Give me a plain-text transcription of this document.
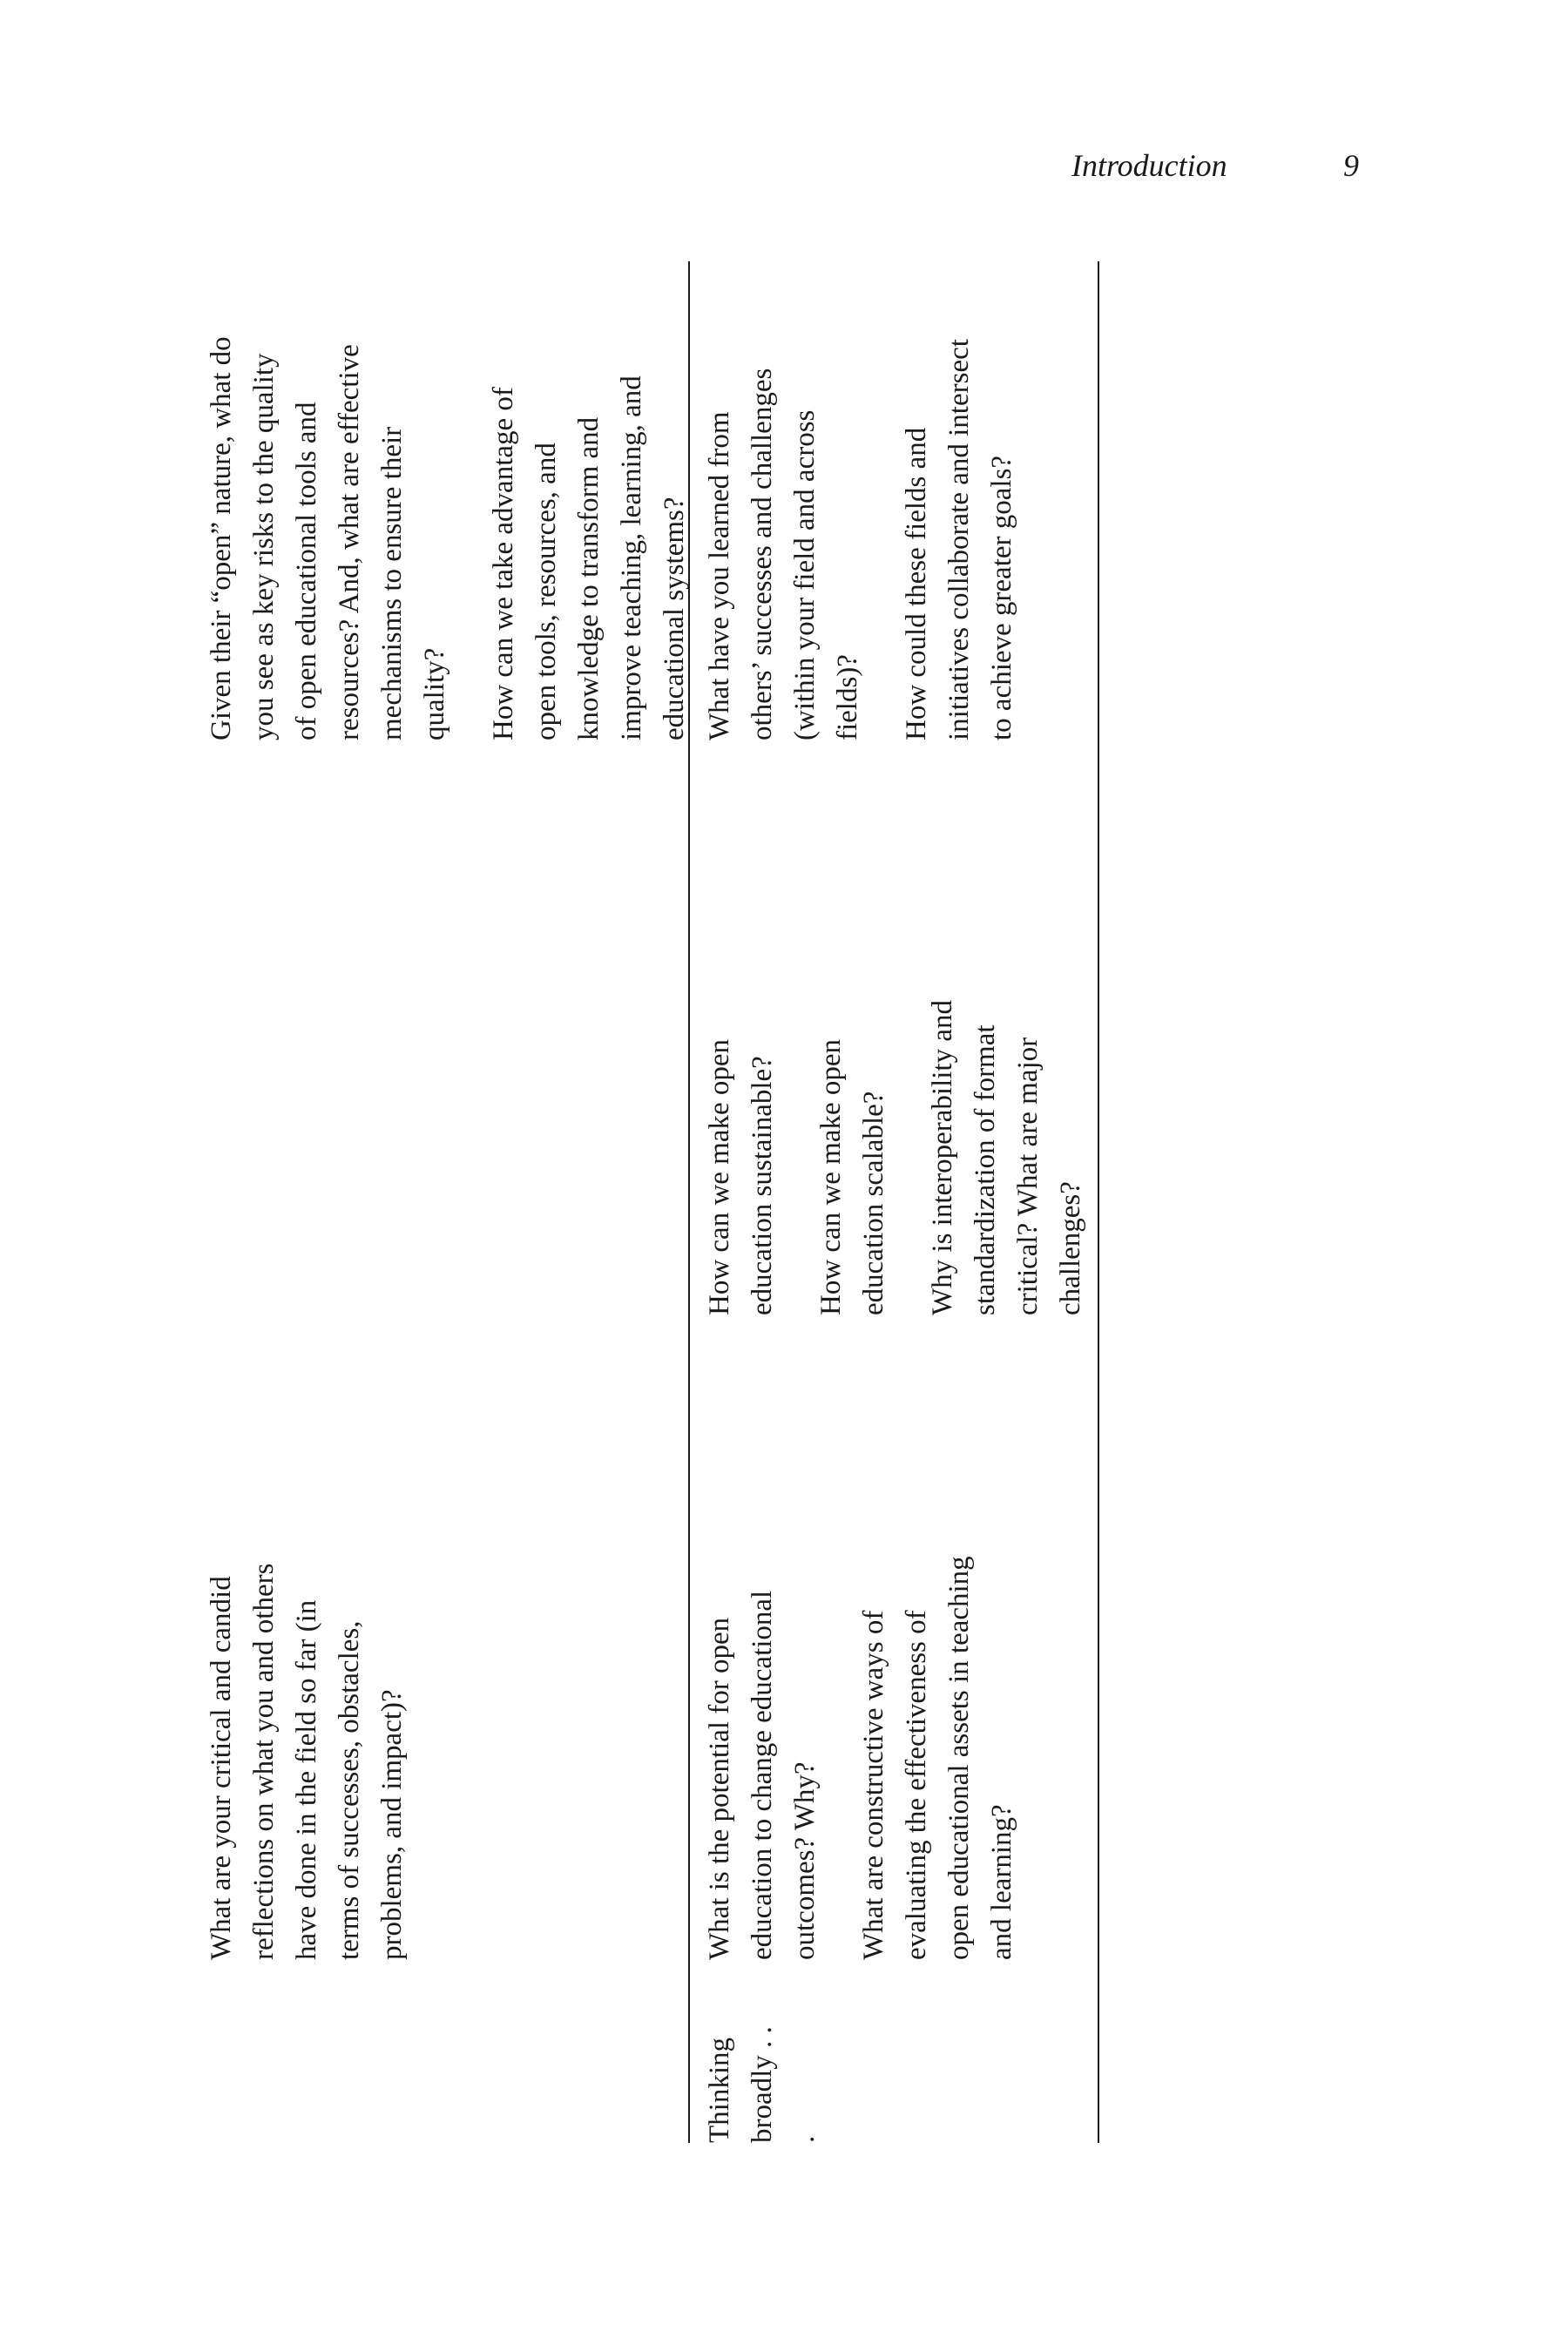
Introduction	9

What are your critical and candid reflections on what you and others have done in the field so far (in terms of successes, obstacles, problems, and impact)?

Given their “open” nature, what do you see as key risks to the quality of open educational tools and resources? And, what are effective mechanisms to ensure their quality? How can we take advantage of open tools, resources, and knowledge to transform and improve teaching, learning, and educational systems?

Thinking broadly . . .

What is the potential for open education to change educational outcomes? Why? What are constructive ways of evaluating the effectiveness of open educational assets in teaching and learning?

How can we make open education sustainable? How can we make open education scalable? Why is interoperability and standardization of format critical? What are major challenges?

What have you learned from others’ successes and challenges (within your field and across fields)? How could these fields and initiatives collaborate and intersect to achieve greater goals?
